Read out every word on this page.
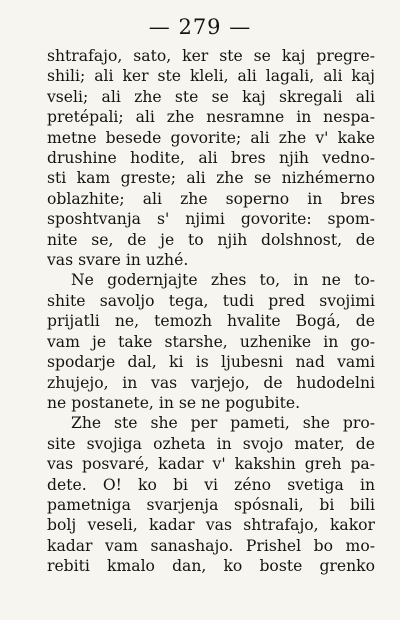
— 279 —
shtrafajo, sato, ker ste se kaj pregre-
shili; ali ker ste kleli, ali lagali, ali kaj
vseli; ali zhe ste se kaj skregali ali
pretépali; ali zhe nesramne in nespa-
metne besede govorite; ali zhe v' kake
drushine hodite, ali bres njih vedno-
sti kam greste; ali zhe se nizhémerno
oblazhite; ali zhe soperno in bres
sposhtvanja s' njimi govorite: spom-
nite se, de je to njih dolshnost, de
vas svare in uzhé.
Ne godernjajte zhes to, in ne to-
shite savoljo tega, tudi pred svojimi
prijatli ne, temozh hvalite Bogá, de
vam je take starshe, uzhenike in go-
spodarje dal, ki is ljubesni nad vami
zhujejo, in vas varjejo, de hudodelni
ne postanete, in se ne pogubite.
Zhe ste she per pameti, she pro-
site svojiga ozheta in svojo mater, de
vas posvaré, kadar v' kakshin greh pa-
dete. O! ko bi vi zéno svetiga in
pametniga svarjenja spósnali, bi bili
bolj veseli, kadar vas shtrafajo, kakor
kadar vam sanashajo. Prishel bo mo-
rebiti kmalo dan, ko boste grenko
